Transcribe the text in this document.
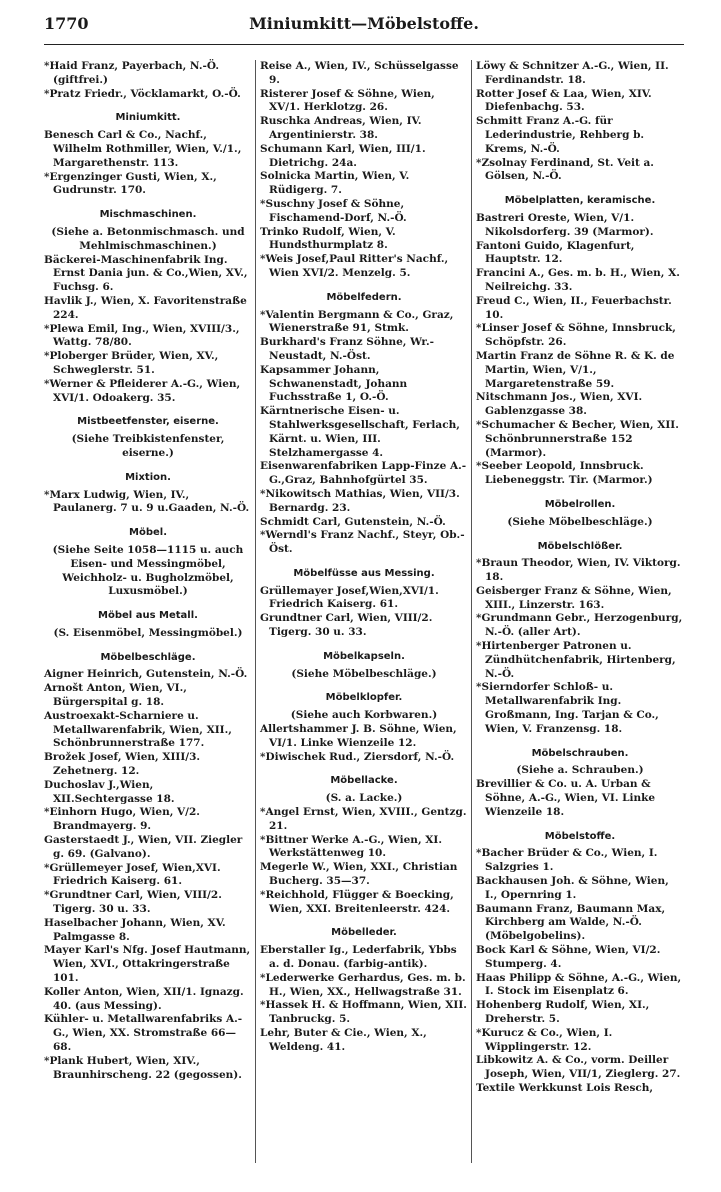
1770	Miniumkitt—Möbelstoffe.

*Haid Franz, Payerbach, N.-Ö. (giftfrei.)

*Pratz Friedr., Vöcklamarkt, O.-Ö.

Miniumkitt.

Benesch Carl & Co., Nachf., Wilhelm Rothmiller, Wien, V./1., Margarethenstr. 113.

*Ergenzinger Gusti, Wien, X., Gudrunstr. 170.

Mischmaschinen.

(Siehe a. Betonmischmasch. und Mehlmischmaschinen.)

Bäckerei-Maschinenfabrik Ing. Ernst Dania jun. & Co.,Wien, XV., Fuchsg. 6.

Havlik J., Wien, X. Favoritenstraße 224.

*Plewa Emil, Ing., Wien, XVIII/3., Wattg. 78/80.

*Ploberger Brüder, Wien, XV., Schweglerstr. 51.

*Werner & Pfleiderer A.-G., Wien, XVI/1. Odoakerg. 35.

Mistbeetfenster, eiserne.

(Siehe Treibkistenfenster, eiserne.)

Mixtion.

*Marx Ludwig, Wien, IV., Paulanerg. 7 u. 9 u.Gaaden, N.-Ö.

Möbel.

(Siehe Seite 1058—1115 u. auch Eisen- und Messingmöbel, Weichholz- u. Bugholzmöbel, Luxusmöbel.)

Möbel aus Metall.

(S. Eisenmöbel, Messingmöbel.)

Möbelbeschläge.

Aigner Heinrich, Gutenstein, N.-Ö.

Arnošt Anton, Wien, VI., Bürgerspital g. 18.

Austroexakt-Scharniere u. Metallwarenfabrik, Wien, XII., Schönbrunnerstraße 177.

Brožek Josef, Wien, XIII/3. Zehetnerg. 12.

Duchoslav J.,Wien, XII.Sechtergasse 18.

*Einhorn Hugo, Wien, V/2. Brandmayerg. 9.

Gasterstaedt J., Wien, VII. Ziegler g. 69. (Galvano).

*Grüllemeyer Josef, Wien,XVI. Friedrich Kaiserg. 61.

*Grundtner Carl, Wien, VIII/2. Tigerg. 30 u. 33.

Haselbacher Johann, Wien, XV. Palmgasse 8.

Mayer Karl's Nfg. Josef Hautmann, Wien, XVI., Ottakringerstraße 101.

Koller Anton, Wien, XII/1. Ignazg. 40. (aus Messing).

Kühler- u. Metallwarenfabriks A.-G., Wien, XX. Stromstraße 66—68.

*Plank Hubert, Wien, XIV., Braunhirscheng. 22 (gegossen).

Reise A., Wien, IV., Schüsselgasse 9.

Risterer Josef & Söhne, Wien, XV/1. Herklotzg. 26.

Ruschka Andreas, Wien, IV. Argentinierstr. 38.

Schumann Karl, Wien, III/1. Dietrichg. 24a.

Solnicka Martin, Wien, V. Rüdigerg. 7.

*Suschny Josef & Söhne, Fischamend-Dorf, N.-Ö.

Trinko Rudolf, Wien, V. Hundsthurmplatz 8.

*Weis Josef,Paul Ritter's Nachf., Wien XVI/2. Menzelg. 5.

Möbelfedern.

*Valentin Bergmann & Co., Graz, Wienerstraße 91, Stmk.

Burkhard's Franz Söhne, Wr.-Neustadt, N.-Öst.

Kapsammer Johann, Schwanenstadt, Johann Fuchsstraße 1, O.-Ö.

Kärntnerische Eisen- u. Stahlwerksgesellschaft, Ferlach, Kärnt. u. Wien, III. Stelzhamergasse 4.

Eisenwarenfabriken Lapp-Finze A.-G.,Graz, Bahnhofgürtel 35.

*Nikowitsch Mathias, Wien, VII/3. Bernardg. 23.

Schmidt Carl, Gutenstein, N.-Ö.

*Werndl's Franz Nachf., Steyr, Ob.-Öst.

Möbelfüsse aus Messing.

Grüllemayer Josef,Wien,XVI/1. Friedrich Kaiserg. 61.

Grundtner Carl, Wien, VIII/2. Tigerg. 30 u. 33.

Möbelkapseln.

(Siehe Möbelbeschläge.)

Möbelklopfer.

(Siehe auch Korbwaren.)

Allertshammer J. B. Söhne, Wien, VI/1. Linke Wienzeile 12.

*Diwischek Rud., Ziersdorf, N.-Ö.

Möbellacke.

(S. a. Lacke.)

*Angel Ernst, Wien, XVIII., Gentzg. 21.

*Bittner Werke A.-G., Wien, XI. Werkstättenweg 10.

Megerle W., Wien, XXI., Christian Bucherg. 35—37.

*Reichhold, Flügger & Boecking, Wien, XXI. Breitenleerstr. 424.

Möbelleder.

Eberstaller Ig., Lederfabrik, Ybbs a. d. Donau. (farbig-antik).

*Lederwerke Gerhardus, Ges. m. b. H., Wien, XX., Hellwagstraße 31.

*Hassek H. & Hoffmann, Wien, XII. Tanbruckg. 5.

Lehr, Buter & Cie., Wien, X., Weldeng. 41.

Löwy & Schnitzer A.-G., Wien, II. Ferdinandstr. 18.

Rotter Josef & Laa, Wien, XIV. Diefenbachg. 53.

Schmitt Franz A.-G. für Lederindustrie, Rehberg b. Krems, N.-Ö.

*Zsolnay Ferdinand, St. Veit a. Gölsen, N.-Ö.

Möbelplatten, keramische.

Bastreri Oreste, Wien, V/1. Nikolsdorferg. 39 (Marmor).

Fantoni Guido, Klagenfurt, Hauptstr. 12.

Francini A., Ges. m. b. H., Wien, X. Neilreichg. 33.

Freud C., Wien, II., Feuerbachstr. 10.

*Linser Josef & Söhne, Innsbruck, Schöpfstr. 26.

Martin Franz de Söhne R. & K. de Martin, Wien, V/1., Margaretenstraße 59.

Nitschmann Jos., Wien, XVI. Gablenzgasse 38.

*Schumacher & Becher, Wien, XII. Schönbrunnerstraße 152 (Marmor).

*Seeber Leopold, Innsbruck. Liebeneggstr. Tir. (Marmor.)

Möbelrollen.

(Siehe Möbelbeschläge.)

Möbelschlößer.

*Braun Theodor, Wien, IV. Viktorg. 18.

Geisberger Franz & Söhne, Wien, XIII., Linzerstr. 163.

*Grundmann Gebr., Herzogenburg, N.-Ö. (aller Art).

*Hirtenberger Patronen u. Zündhütchenfabrik, Hirtenberg, N.-Ö.

*Sierndorfer Schloß- u. Metallwarenfabrik Ing. Großmann, Ing. Tarjan & Co., Wien, V. Franzensg. 18.

Möbelschrauben.

(Siehe a. Schrauben.)

Brevillier & Co. u. A. Urban & Söhne, A.-G., Wien, VI. Linke Wienzeile 18.

Möbelstoffe.

*Bacher Brüder & Co., Wien, I. Salzgries 1.

Backhausen Joh. & Söhne, Wien, I., Opernring 1.

Baumann Franz, Baumann Max, Kirchberg am Walde, N.-Ö. (Möbelgobelins).

Bock Karl & Söhne, Wien, VI/2. Stumperg. 4.

Haas Philipp & Söhne, A.-G., Wien, I. Stock im Eisenplatz 6.

Hohenberg Rudolf, Wien, XI., Dreherstr. 5.

*Kurucz & Co., Wien, I. Wipplingerstr. 12.

Libkowitz A. & Co., vorm. Deiller Joseph, Wien, VII/1, Zieglerg. 27.

Textile Werkkunst Lois Resch,
